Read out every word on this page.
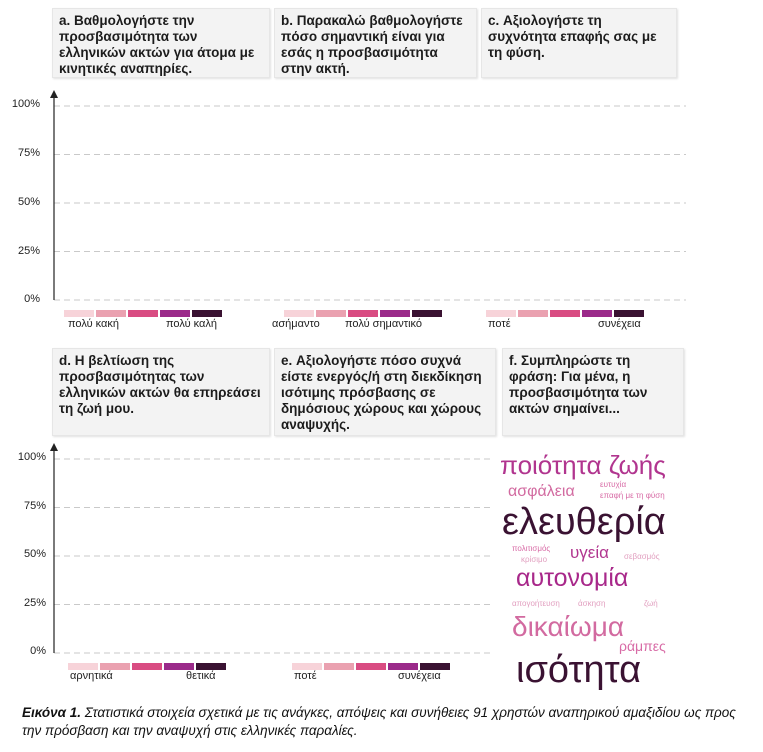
a. Βαθμολογήστε την προσβασιμότητα των ελληνικών ακτών για άτομα με κινητικές αναπηρίες.
b. Παρακαλώ βαθμολογήστε πόσο σημαντική είναι για εσάς η προσβασιμότητα στην ακτή.
c. Αξιολογήστε τη συχνότητα επαφής σας με τη φύση.
d. Η βελτίωση της προσβασιμότητας των ελληνικών ακτών θα επηρεάσει τη ζωή μου.
e. Αξιολογήστε πόσο συχνά είστε ενεργός/ή στη διεκδίκηση ισότιμης πρόσβασης σε δημόσιους χώρους και χώρους αναψυχής.
f. Συμπληρώστε τη φράση: Για μένα, η προσβασιμότητα των ακτών σημαίνει...
100%
75%
50%
25%
0%
100%
75%
50%
25%
0%
πολύ κακή	πολύ καλή	ασήμαντο πολύ σημαντικό	ποτέ	συνέχεια
αρνητικά	θετικά	ποτέ	συνέχεια
ποιότητα ζωής
ευτυχία
ασφάλεια	επαφή με τη φύση
ελευθερία
πολιτισμός υγεία
κρίσιμο	σεβασμός
αυτονομία
απογοήτευση άσκηση	ζωή
δικαίωμα
ράμπες
ισότητα
Εικόνα 1. Στατιστικά στοιχεία σχετικά με τις ανάγκες, απόψεις και συνήθειες 91 χρηστών αναπηρικού αμαξιδίου ως προς την πρόσβαση και την αναψυχή στις ελληνικές παραλίες.
